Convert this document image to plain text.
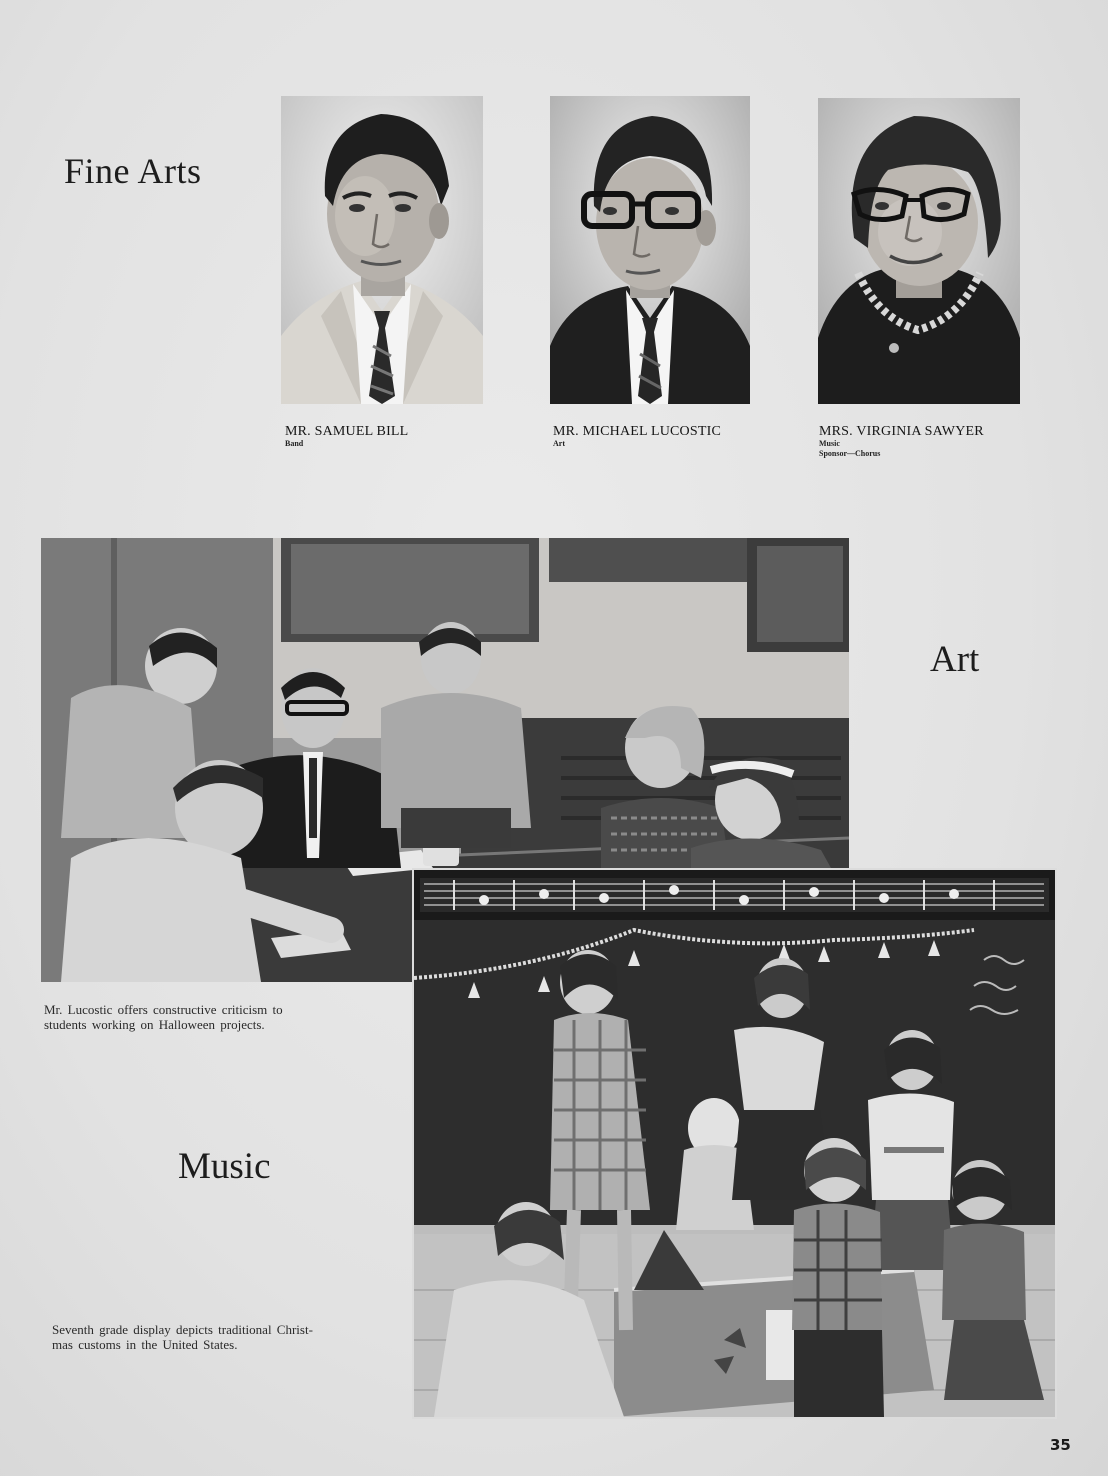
Fine Arts
MR. SAMUEL BILL
Band
MR. MICHAEL LUCOSTIC
Art
MRS. VIRGINIA SAWYER
Music
Sponsor—Chorus
Art
Mr. Lucostic offers constructive criticism to
students working on Halloween projects.
Music
Seventh grade display depicts traditional Christ-
mas customs in the United States.
35
